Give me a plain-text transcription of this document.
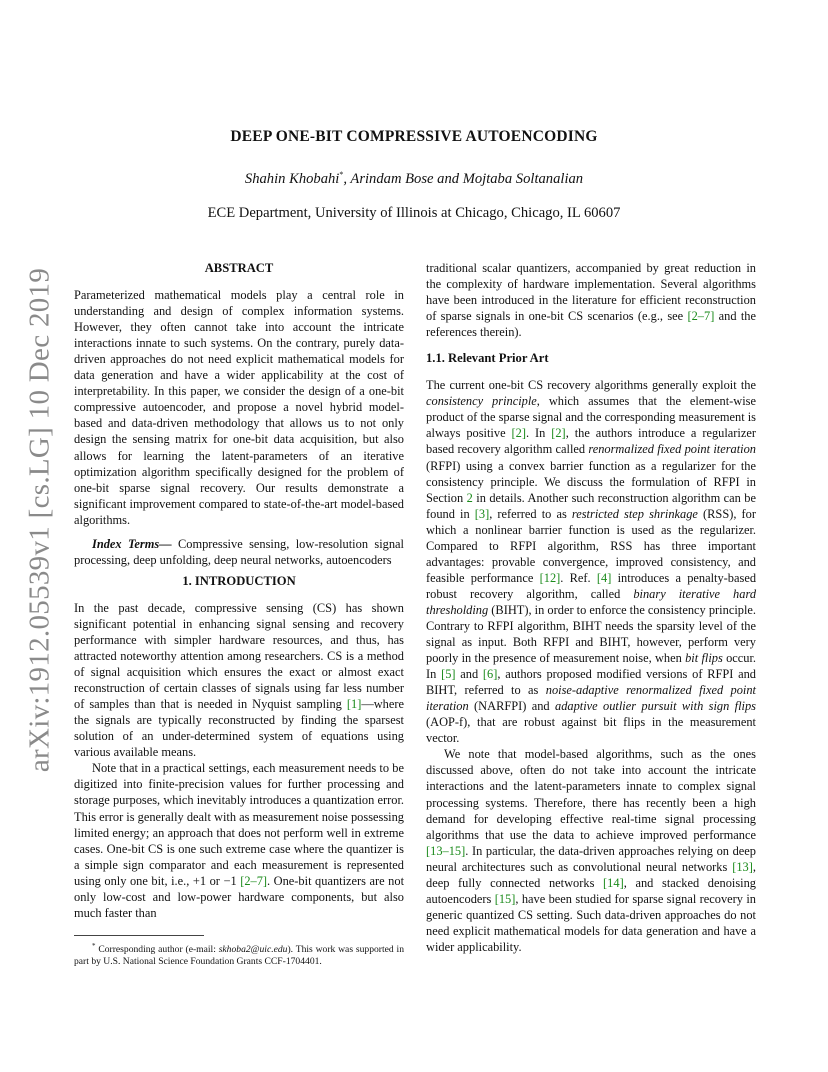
arXiv:1912.05539v1 [cs.LG] 10 Dec 2019
DEEP ONE-BIT COMPRESSIVE AUTOENCODING
Shahin Khobahi*, Arindam Bose and Mojtaba Soltanalian
ECE Department, University of Illinois at Chicago, Chicago, IL 60607
ABSTRACT

Parameterized mathematical models play a central role in understanding and design of complex information systems. However, they often cannot take into account the intricate interactions innate to such systems. On the contrary, purely data-driven approaches do not need explicit mathematical models for data generation and have a wider applicability at the cost of interpretability. In this paper, we consider the design of a one-bit compressive autoencoder, and propose a novel hybrid model-based and data-driven methodology that allows us to not only design the sensing matrix for one-bit data acquisition, but also allows for learning the latent-parameters of an iterative optimization algorithm specifically designed for the problem of one-bit sparse signal recovery. Our results demonstrate a significant improvement compared to state-of-the-art model-based algorithms.

Index Terms— Compressive sensing, low-resolution signal processing, deep unfolding, deep neural networks, autoencoders

1. INTRODUCTION

In the past decade, compressive sensing (CS) has shown significant potential in enhancing signal sensing and recovery performance with simpler hardware resources, and thus, has attracted noteworthy attention among researchers. CS is a method of signal acquisition which ensures the exact or almost exact reconstruction of certain classes of signals using far less number of samples than that is needed in Nyquist sampling [1]—where the signals are typically reconstructed by finding the sparsest solution of an under-determined system of equations using various available means.

Note that in a practical settings, each measurement needs to be digitized into finite-precision values for further processing and storage purposes, which inevitably introduces a quantization error. This error is generally dealt with as measurement noise possessing limited energy; an approach that does not perform well in extreme cases. One-bit CS is one such extreme case where the quantizer is a simple sign comparator and each measurement is represented using only one bit, i.e., +1 or −1 [2–7]. One-bit quantizers are not only low-cost and low-power hardware components, but also much faster than

* Corresponding author (e-mail: skhoba2@uic.edu). This work was supported in part by U.S. National Science Foundation Grants CCF-1704401.

traditional scalar quantizers, accompanied by great reduction in the complexity of hardware implementation. Several algorithms have been introduced in the literature for efficient reconstruction of sparse signals in one-bit CS scenarios (e.g., see [2–7] and the references therein).

1.1. Relevant Prior Art

The current one-bit CS recovery algorithms generally exploit the consistency principle, which assumes that the element-wise product of the sparse signal and the corresponding measurement is always positive [2]. In [2], the authors introduce a regularizer based recovery algorithm called renormalized fixed point iteration (RFPI) using a convex barrier function as a regularizer for the consistency principle. We discuss the formulation of RFPI in Section 2 in details. Another such reconstruction algorithm can be found in [3], referred to as restricted step shrinkage (RSS), for which a nonlinear barrier function is used as the regularizer. Compared to RFPI algorithm, RSS has three important advantages: provable convergence, improved consistency, and feasible performance [12]. Ref. [4] introduces a penalty-based robust recovery algorithm, called binary iterative hard thresholding (BIHT), in order to enforce the consistency principle. Contrary to RFPI algorithm, BIHT needs the sparsity level of the signal as input. Both RFPI and BIHT, however, perform very poorly in the presence of measurement noise, when bit flips occur. In [5] and [6], authors proposed modified versions of RFPI and BIHT, referred to as noise-adaptive renormalized fixed point iteration (NARFPI) and adaptive outlier pursuit with sign flips (AOP-f), that are robust against bit flips in the measurement vector.

We note that model-based algorithms, such as the ones discussed above, often do not take into account the intricate interactions and the latent-parameters innate to complex signal processing systems. Therefore, there has recently been a high demand for developing effective real-time signal processing algorithms that use the data to achieve improved performance [13–15]. In particular, the data-driven approaches relying on deep neural architectures such as convolutional neural networks [13], deep fully connected networks [14], and stacked denoising autoencoders [15], have been studied for sparse signal recovery in generic quantized CS setting. Such data-driven approaches do not need explicit mathematical models for data generation and have a wider applicability.
